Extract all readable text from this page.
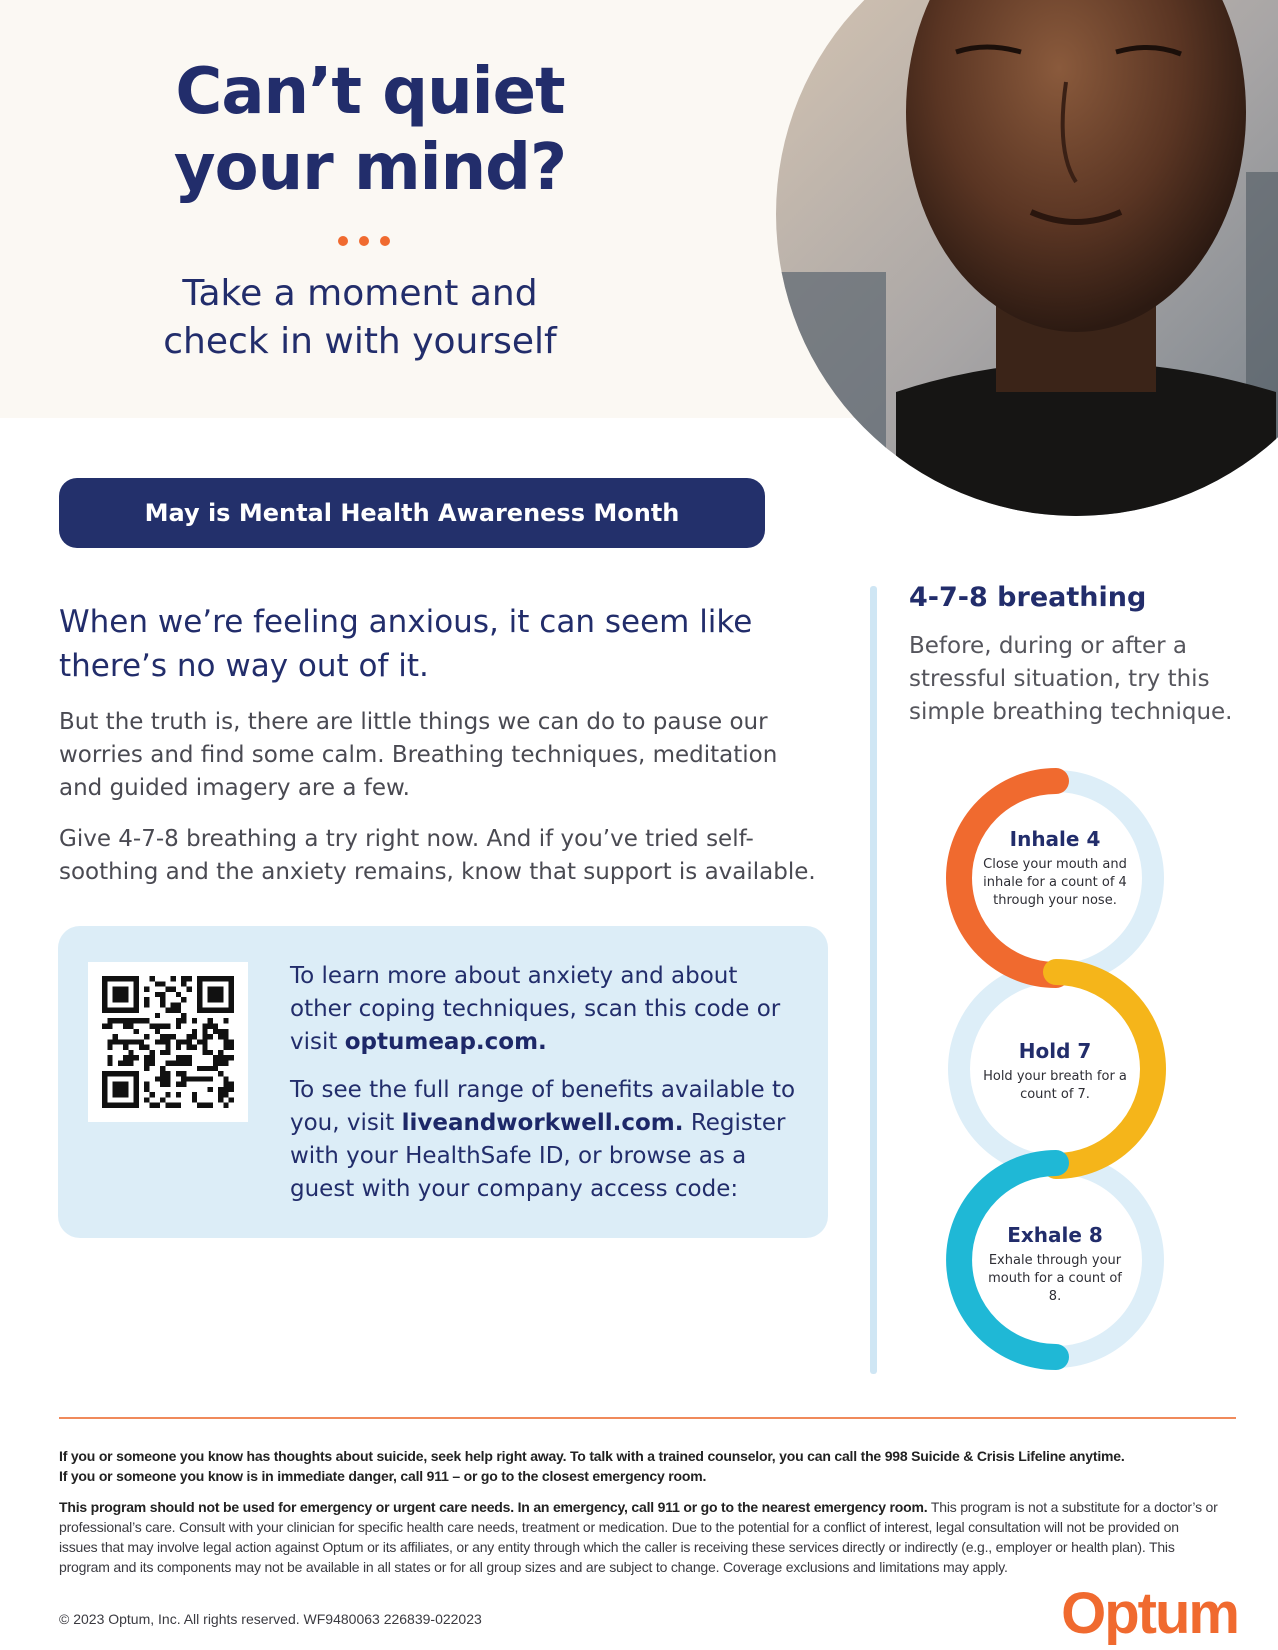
Can’t quiet
your mind?
Take a moment and
check in with yourself
May is Mental Health Awareness Month
When we’re feeling anxious, it can seem like there’s no way out of it.
But the truth is, there are little things we can do to pause our worries and find some calm. Breathing techniques, meditation and guided imagery are a few.
Give 4-7-8 breathing a try right now. And if you’ve tried self-soothing and the anxiety remains, know that support is available.

To learn more about anxiety and about other coping techniques, scan this code or visit optumeap.com.

To see the full range of benefits available to you, visit liveandworkwell.com. Register with your HealthSafe ID, or browse as a guest with your company access code:

4-7-8 breathing
Before, during or after a stressful situation, try this simple breathing technique.
Inhale 4
Close your mouth and inhale for a count of 4 through your nose.
Hold 7
Hold your breath for a count of 7.
Exhale 8
Exhale through your mouth for a count of 8.
If you or someone you know has thoughts about suicide, seek help right away. To talk with a trained counselor, you can call the 998 Suicide & Crisis Lifeline anytime.
If you or someone you know is in immediate danger, call 911 – or go to the closest emergency room.
This program should not be used for emergency or urgent care needs. In an emergency, call 911 or go to the nearest emergency room. This program is not a substitute for a doctor’s or professional’s care. Consult with your clinician for specific health care needs, treatment or medication. Due to the potential for a conflict of interest, legal consultation will not be provided on issues that may involve legal action against Optum or its affiliates, or any entity through which the caller is receiving these services directly or indirectly (e.g., employer or health plan). This program and its components may not be available in all states or for all group sizes and are subject to change. Coverage exclusions and limitations may apply.
© 2023 Optum, Inc. All rights reserved. WF9480063 226839-022023	Optum
